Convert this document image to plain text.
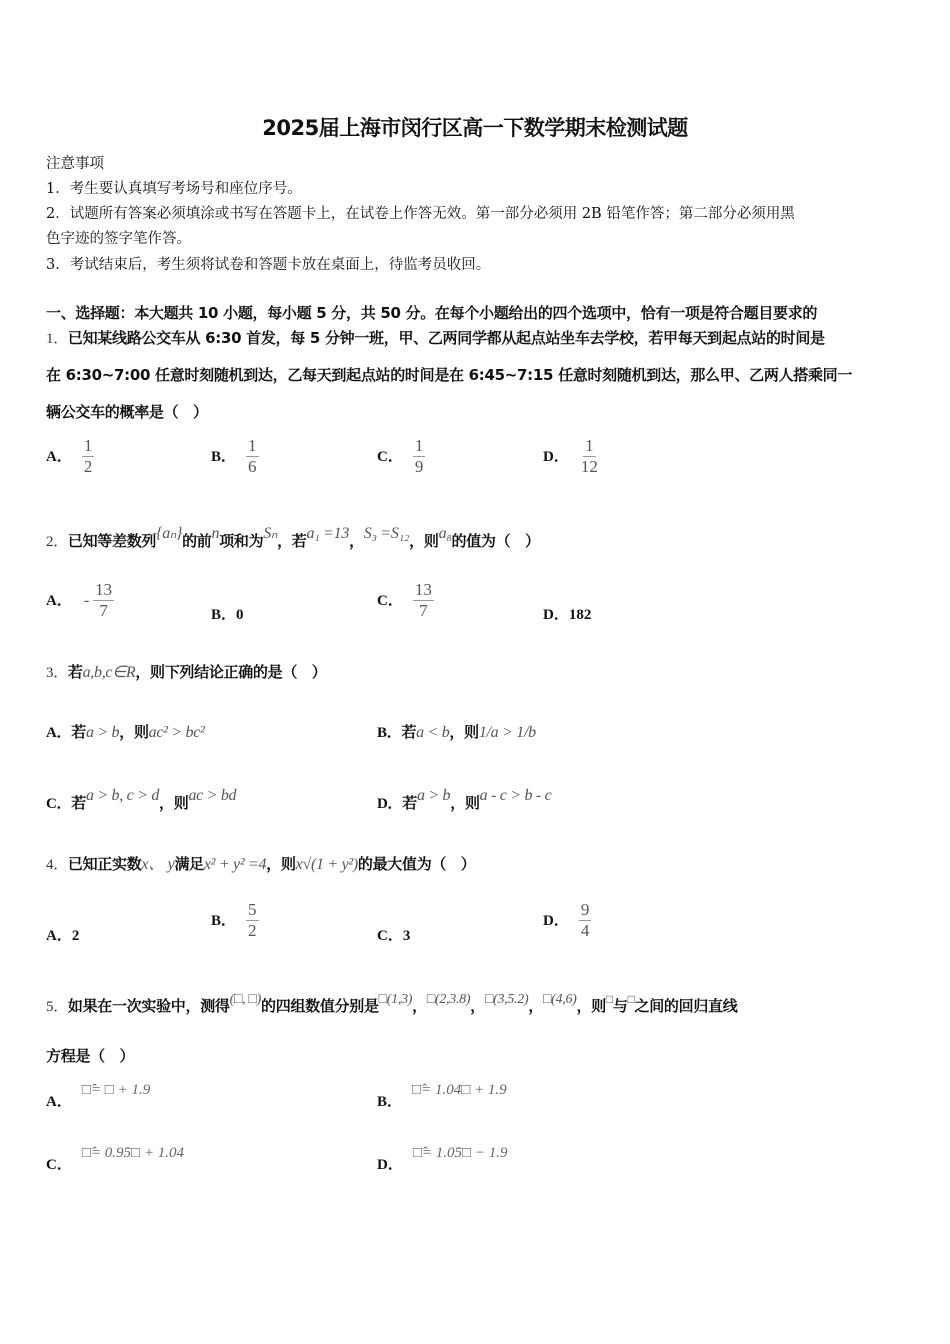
2025届上海市闵行区高一下数学期末检测试题
注意事项
1．考生要认真填写考场号和座位序号。
2．试题所有答案必须填涂或书写在答题卡上，在试卷上作答无效。第一部分必须用 2B 铅笔作答；第二部分必须用黑
色字迹的签字笔作答。
3．考试结束后，考生须将试卷和答题卡放在桌面上，待监考员收回。
一、选择题：本大题共 10 小题，每小题 5 分，共 50 分。在每个小题给出的四个选项中，恰有一项是符合题目要求的
1．已知某线路公交车从 6:30 首发，每 5 分钟一班，甲、乙两同学都从起点站坐车去学校，若甲每天到起点站的时间是
在 6:30~7:00 任意时刻随机到达，乙每天到起点站的时间是在 6:45~7:15 任意时刻随机到达，那么甲、乙两人搭乘同一
辆公交车的概率是（　）
A． $\frac{1}{2}$	B． $\frac{1}{6}$	C． $\frac{1}{9}$	D． $\frac{1}{12}$
2．已知等差数列{aₙ}的前n项和为Sₙ，若a₁ =13，S₃ =S₁₂，则a₈的值为（　）
A． - $\frac{13}{7}$	B．0
C． $\frac{13}{7}$	D．182
3．若a,b,c∈R，则下列结论正确的是（　）
A．若a > b，则ac² > bc²	B．若a < b，则1/a > 1/b
C．若a > b, c > d，则ac > bd	D．若a > b，则a - c > b - c
4．已知正实数x、 y满足x² + y² =4，则x√(1 + y²)的最大值为（　）
A．2
B． $\frac{5}{2}$	C．3
D． $\frac{9}{4}$
5．如果在一次实验中，测得(□, □)的四组数值分别是□(1,3)，□(2,3.8)，□(3,5.2)，□(4,6)，则□与□之间的回归直线
方程是（　）
A．□̂= □ + 1.9
B．□̂= 1.04□ + 1.9
C．□̂= 0.95□ + 1.04
D．□̂= 1.05□ − 1.9
